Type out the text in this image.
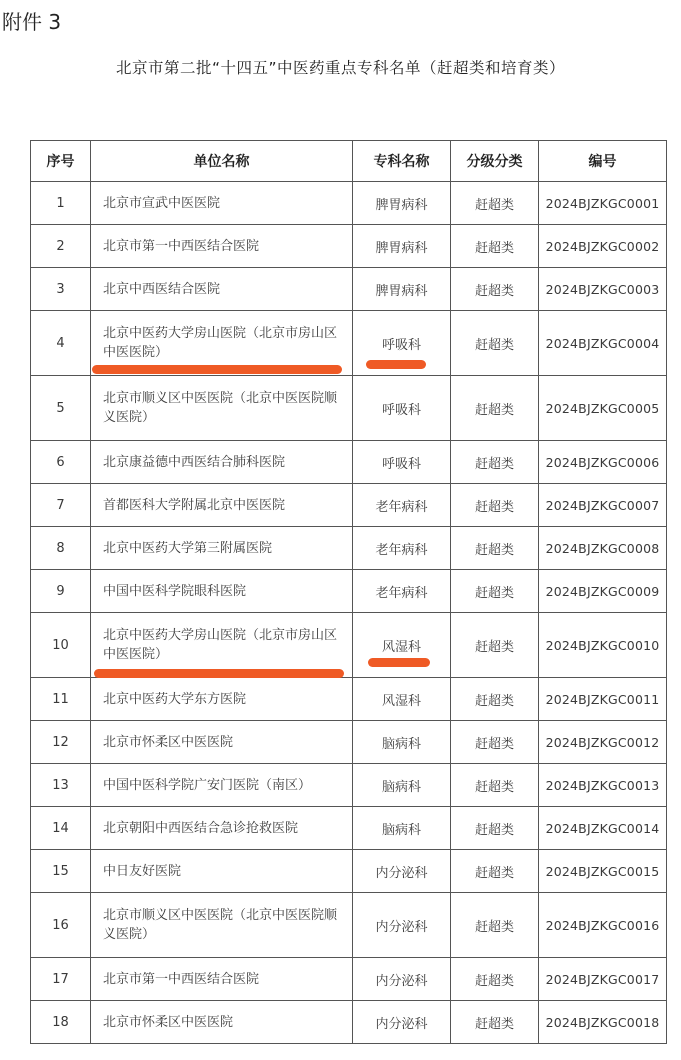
附件 3
北京市第二批“十四五”中医药重点专科名单（赶超类和培育类）
序号	单位名称	专科名称	分级分类	编号
1	北京市宣武中医医院	脾胃病科	赶超类	2024BJZKGC0001
2	北京市第一中西医结合医院	脾胃病科	赶超类	2024BJZKGC0002
3	北京中西医结合医院	脾胃病科	赶超类	2024BJZKGC0003
4	北京中医药大学房山医院（北京市房山区中医医院）	呼吸科	赶超类	2024BJZKGC0004
5	北京市顺义区中医医院（北京中医医院顺义医院）	呼吸科	赶超类	2024BJZKGC0005
6	北京康益德中西医结合肺科医院	呼吸科	赶超类	2024BJZKGC0006
7	首都医科大学附属北京中医医院	老年病科	赶超类	2024BJZKGC0007
8	北京中医药大学第三附属医院	老年病科	赶超类	2024BJZKGC0008
9	中国中医科学院眼科医院	老年病科	赶超类	2024BJZKGC0009
10	北京中医药大学房山医院（北京市房山区中医医院）	风湿科	赶超类	2024BJZKGC0010
11	北京中医药大学东方医院	风湿科	赶超类	2024BJZKGC0011
12	北京市怀柔区中医医院	脑病科	赶超类	2024BJZKGC0012
13	中国中医科学院广安门医院（南区）	脑病科	赶超类	2024BJZKGC0013
14	北京朝阳中西医结合急诊抢救医院	脑病科	赶超类	2024BJZKGC0014
15	中日友好医院	内分泌科	赶超类	2024BJZKGC0015
16	北京市顺义区中医医院（北京中医医院顺义医院）	内分泌科	赶超类	2024BJZKGC0016
17	北京市第一中西医结合医院	内分泌科	赶超类	2024BJZKGC0017
18	北京市怀柔区中医医院	内分泌科	赶超类	2024BJZKGC0018
